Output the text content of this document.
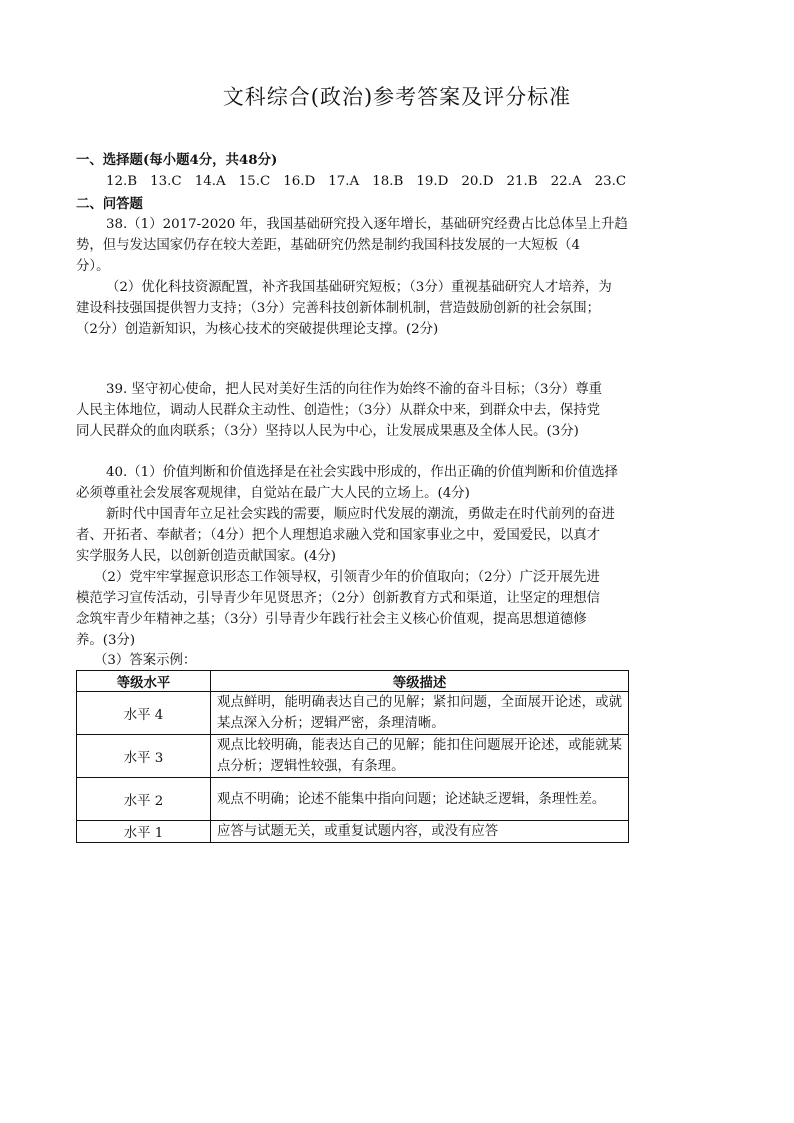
文科综合(政治)参考答案及评分标准
一、选择题(每小题4分，共48分)
12.B 13.C 14.A 15.C 16.D 17.A 18.B 19.D 20.D 21.B 22.A 23.C
二、问答题
38.（1）2017-2020 年，我国基础研究投入逐年增长，基础研究经费占比总体呈上升趋
势，但与发达国家仍存在较大差距，基础研究仍然是制约我国科技发展的一大短板（4
分）。
（2）优化科技资源配置，补齐我国基础研究短板；（3分）重视基础研究人才培养，为
建设科技强国提供智力支持；（3分）完善科技创新体制机制，营造鼓励创新的社会氛围；
（2分）创造新知识，为核心技术的突破提供理论支撑。(2分)
39. 坚守初心使命，把人民对美好生活的向往作为始终不渝的奋斗目标；（3分）尊重
人民主体地位，调动人民群众主动性、创造性；（3分）从群众中来，到群众中去，保持党
同人民群众的血肉联系；（3分）坚持以人民为中心，让发展成果惠及全体人民。(3分)
40.（1）价值判断和价值选择是在社会实践中形成的，作出正确的价值判断和价值选择
必须尊重社会发展客观规律，自觉站在最广大人民的立场上。(4分)
新时代中国青年立足社会实践的需要，顺应时代发展的潮流，勇做走在时代前列的奋进
者、开拓者、奉献者；（4分）把个人理想追求融入党和国家事业之中，爱国爱民，以真才
实学服务人民，以创新创造贡献国家。(4分)
（2）党牢牢掌握意识形态工作领导权，引领青少年的价值取向；（2分）广泛开展先进
模范学习宣传活动，引导青少年见贤思齐；（2分）创新教育方式和渠道，让坚定的理想信
念筑牢青少年精神之基；（3分）引导青少年践行社会主义核心价值观，提高思想道德修
养。(3分)
（3）答案示例：
等级水平	等级描述
水平 4	观点鲜明，能明确表达自己的见解；紧扣问题，全面展开论述，或就某点深入分析；逻辑严密，条理清晰。
水平 3	观点比较明确，能表达自己的见解；能扣住问题展开论述，或能就某点分析；逻辑性较强，有条理。
水平 2	观点不明确；论述不能集中指向问题；论述缺乏逻辑，条理性差。
水平 1	应答与试题无关，或重复试题内容，或没有应答
